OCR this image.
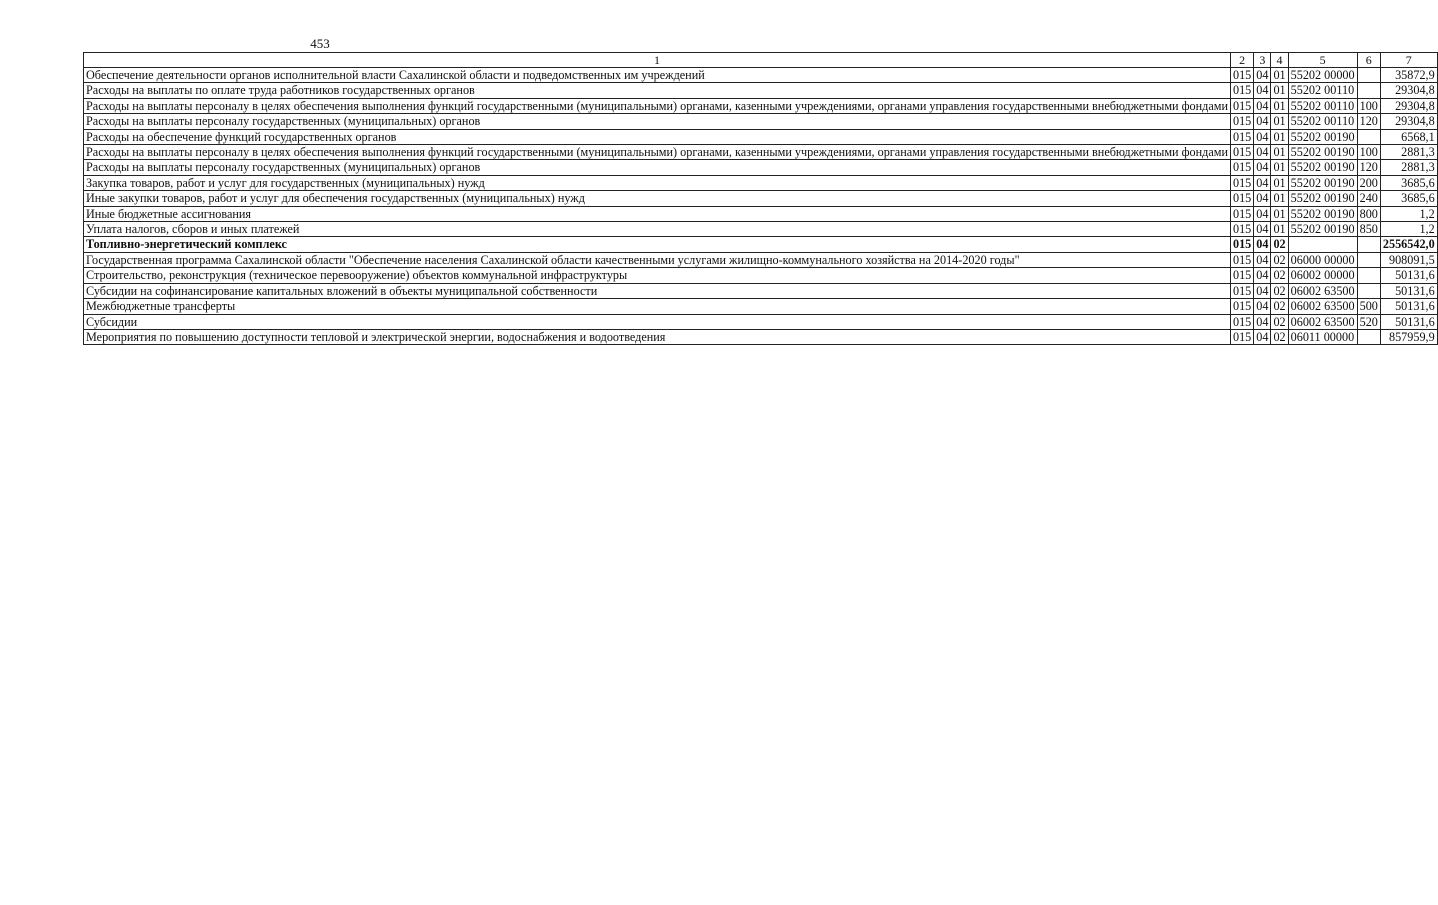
453
1	2	3	4	5	6	7
Обеспечение деятельности органов исполнительной власти Сахалинской области и подведомственных им учреждений	015	04	01	55202 00000		35872,9
Расходы на выплаты по оплате труда работников государственных органов	015	04	01	55202 00110		29304,8
Расходы на выплаты персоналу в целях обеспечения выполнения функций государственными (муниципальными) органами, казенными учреждениями, органами управления государственными внебюджетными фондами	015	04	01	55202 00110	100	29304,8
Расходы на выплаты персоналу государственных (муниципальных) органов	015	04	01	55202 00110	120	29304,8
Расходы на обеспечение функций государственных органов	015	04	01	55202 00190		6568,1
Расходы на выплаты персоналу в целях обеспечения выполнения функций государственными (муниципальными) органами, казенными учреждениями, органами управления государственными внебюджетными фондами	015	04	01	55202 00190	100	2881,3
Расходы на выплаты персоналу государственных (муниципальных) органов	015	04	01	55202 00190	120	2881,3
Закупка товаров, работ и услуг для государственных (муниципальных) нужд	015	04	01	55202 00190	200	3685,6
Иные закупки товаров, работ и услуг для обеспечения государственных (муниципальных) нужд	015	04	01	55202 00190	240	3685,6
Иные бюджетные ассигнования	015	04	01	55202 00190	800	1,2
Уплата налогов, сборов и иных платежей	015	04	01	55202 00190	850	1,2
Топливно-энергетический комплекс	015	04	02			2556542,0
Государственная программа Сахалинской области "Обеспечение населения Сахалинской области качественными услугами жилищно-коммунального хозяйства на 2014-2020 годы"	015	04	02	06000 00000		908091,5
Строительство, реконструкция (техническое перевооружение) объектов коммунальной инфраструктуры	015	04	02	06002 00000		50131,6
Субсидии на софинансирование капитальных вложений в объекты муниципальной собственности	015	04	02	06002 63500		50131,6
Межбюджетные трансферты	015	04	02	06002 63500	500	50131,6
Субсидии	015	04	02	06002 63500	520	50131,6
Мероприятия по повышению доступности тепловой и электрической энергии, водоснабжения и водоотведения	015	04	02	06011 00000		857959,9
